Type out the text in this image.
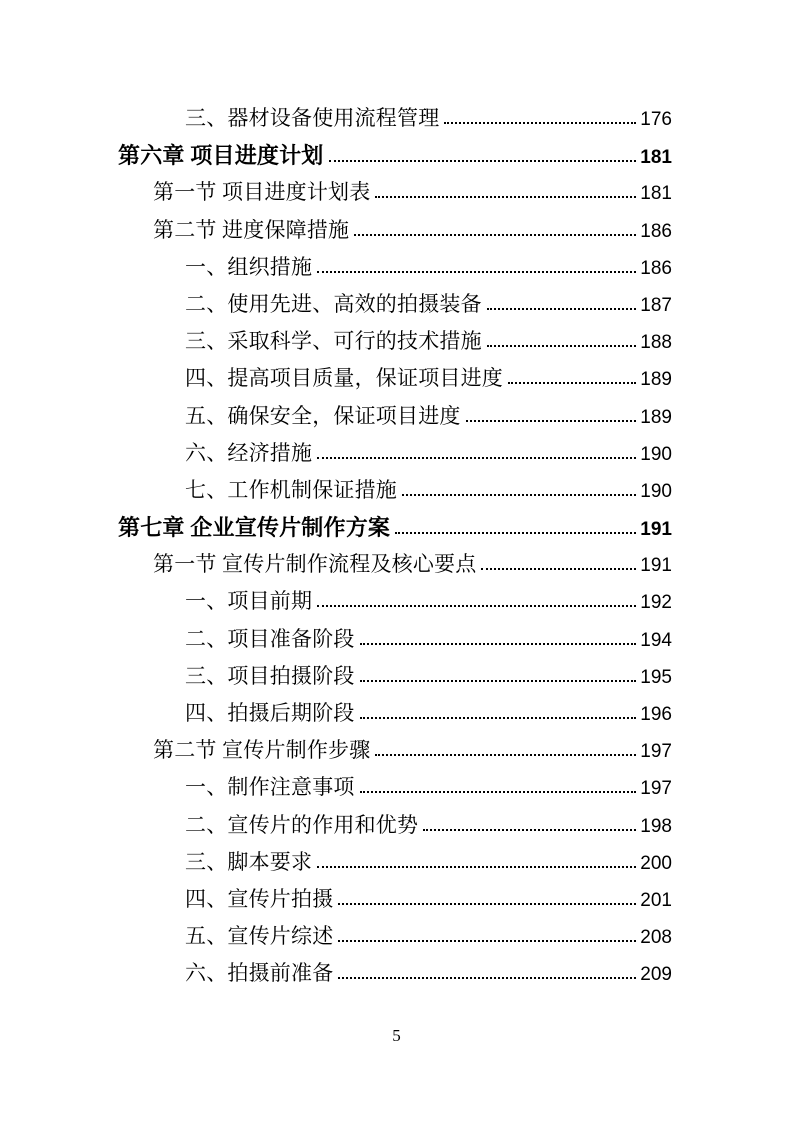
三、器材设备使用流程管理	176
第六章 项目进度计划	181
第一节 项目进度计划表	181
第二节 进度保障措施	186
一、组织措施	186
二、使用先进、高效的拍摄装备	187
三、采取科学、可行的技术措施	188
四、提高项目质量，保证项目进度	189
五、确保安全，保证项目进度	189
六、经济措施	190
七、工作机制保证措施	190
第七章 企业宣传片制作方案	191
第一节 宣传片制作流程及核心要点	191
一、项目前期	192
二、项目准备阶段	194
三、项目拍摄阶段	195
四、拍摄后期阶段	196
第二节 宣传片制作步骤	197
一、制作注意事项	197
二、宣传片的作用和优势	198
三、脚本要求	200
四、宣传片拍摄	201
五、宣传片综述	208
六、拍摄前准备	209
5
